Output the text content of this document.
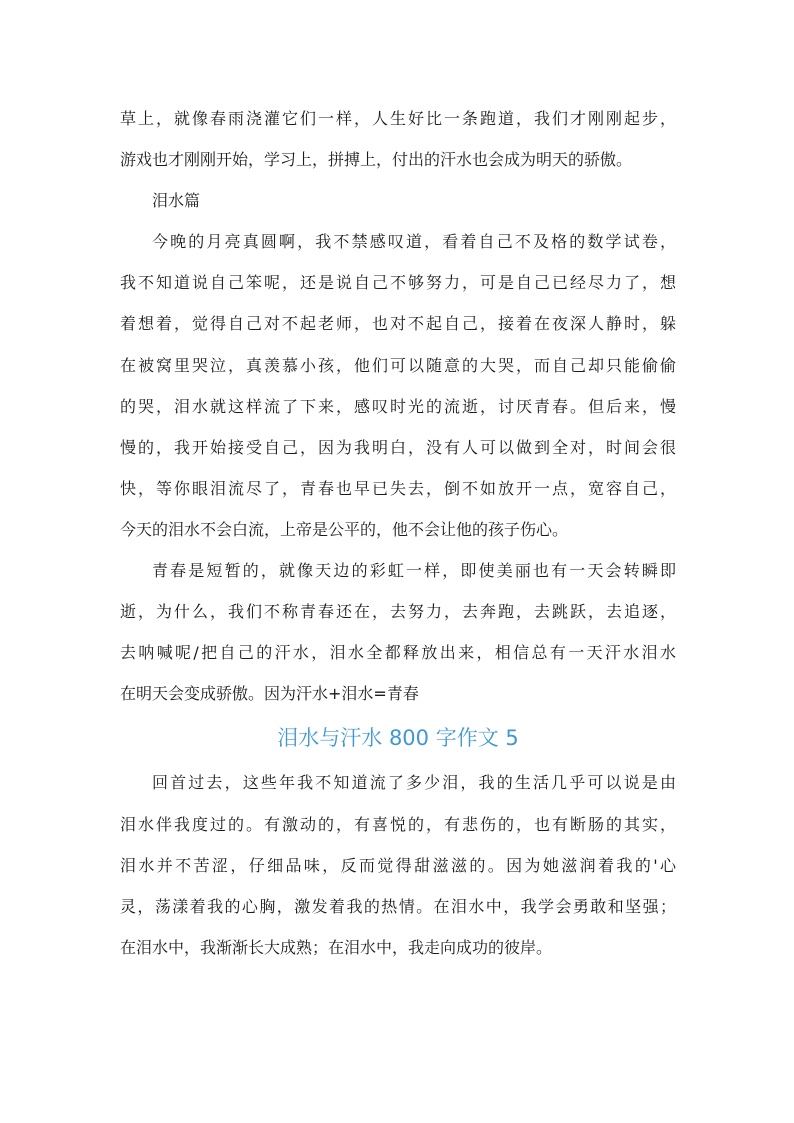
草上，就像春雨浇灌它们一样，人生好比一条跑道，我们才刚刚起步，
游戏也才刚刚开始，学习上，拼搏上，付出的汗水也会成为明天的骄傲。
泪水篇
今晚的月亮真圆啊，我不禁感叹道，看着自己不及格的数学试卷，
我不知道说自己笨呢，还是说自己不够努力，可是自己已经尽力了，想
着想着，觉得自己对不起老师，也对不起自己，接着在夜深人静时，躲
在被窝里哭泣，真羡慕小孩，他们可以随意的大哭，而自己却只能偷偷
的哭，泪水就这样流了下来，感叹时光的流逝，讨厌青春。但后来，慢
慢的，我开始接受自己，因为我明白，没有人可以做到全对，时间会很
快，等你眼泪流尽了，青春也早已失去，倒不如放开一点，宽容自己，
今天的泪水不会白流，上帝是公平的，他不会让他的孩子伤心。
青春是短暂的，就像天边的彩虹一样，即使美丽也有一天会转瞬即
逝，为什么，我们不称青春还在，去努力，去奔跑，去跳跃，去追逐，
去呐喊呢/把自己的汗水，泪水全都释放出来，相信总有一天汗水泪水
在明天会变成骄傲。因为汗水+泪水=青春
泪水与汗水 800 字作文 5
回首过去，这些年我不知道流了多少泪，我的生活几乎可以说是由
泪水伴我度过的。有激动的，有喜悦的，有悲伤的，也有断肠的其实，
泪水并不苦涩，仔细品味，反而觉得甜滋滋的。因为她滋润着我的'心
灵，荡漾着我的心胸，激发着我的热情。在泪水中，我学会勇敢和坚强；
在泪水中，我渐渐长大成熟；在泪水中，我走向成功的彼岸。
